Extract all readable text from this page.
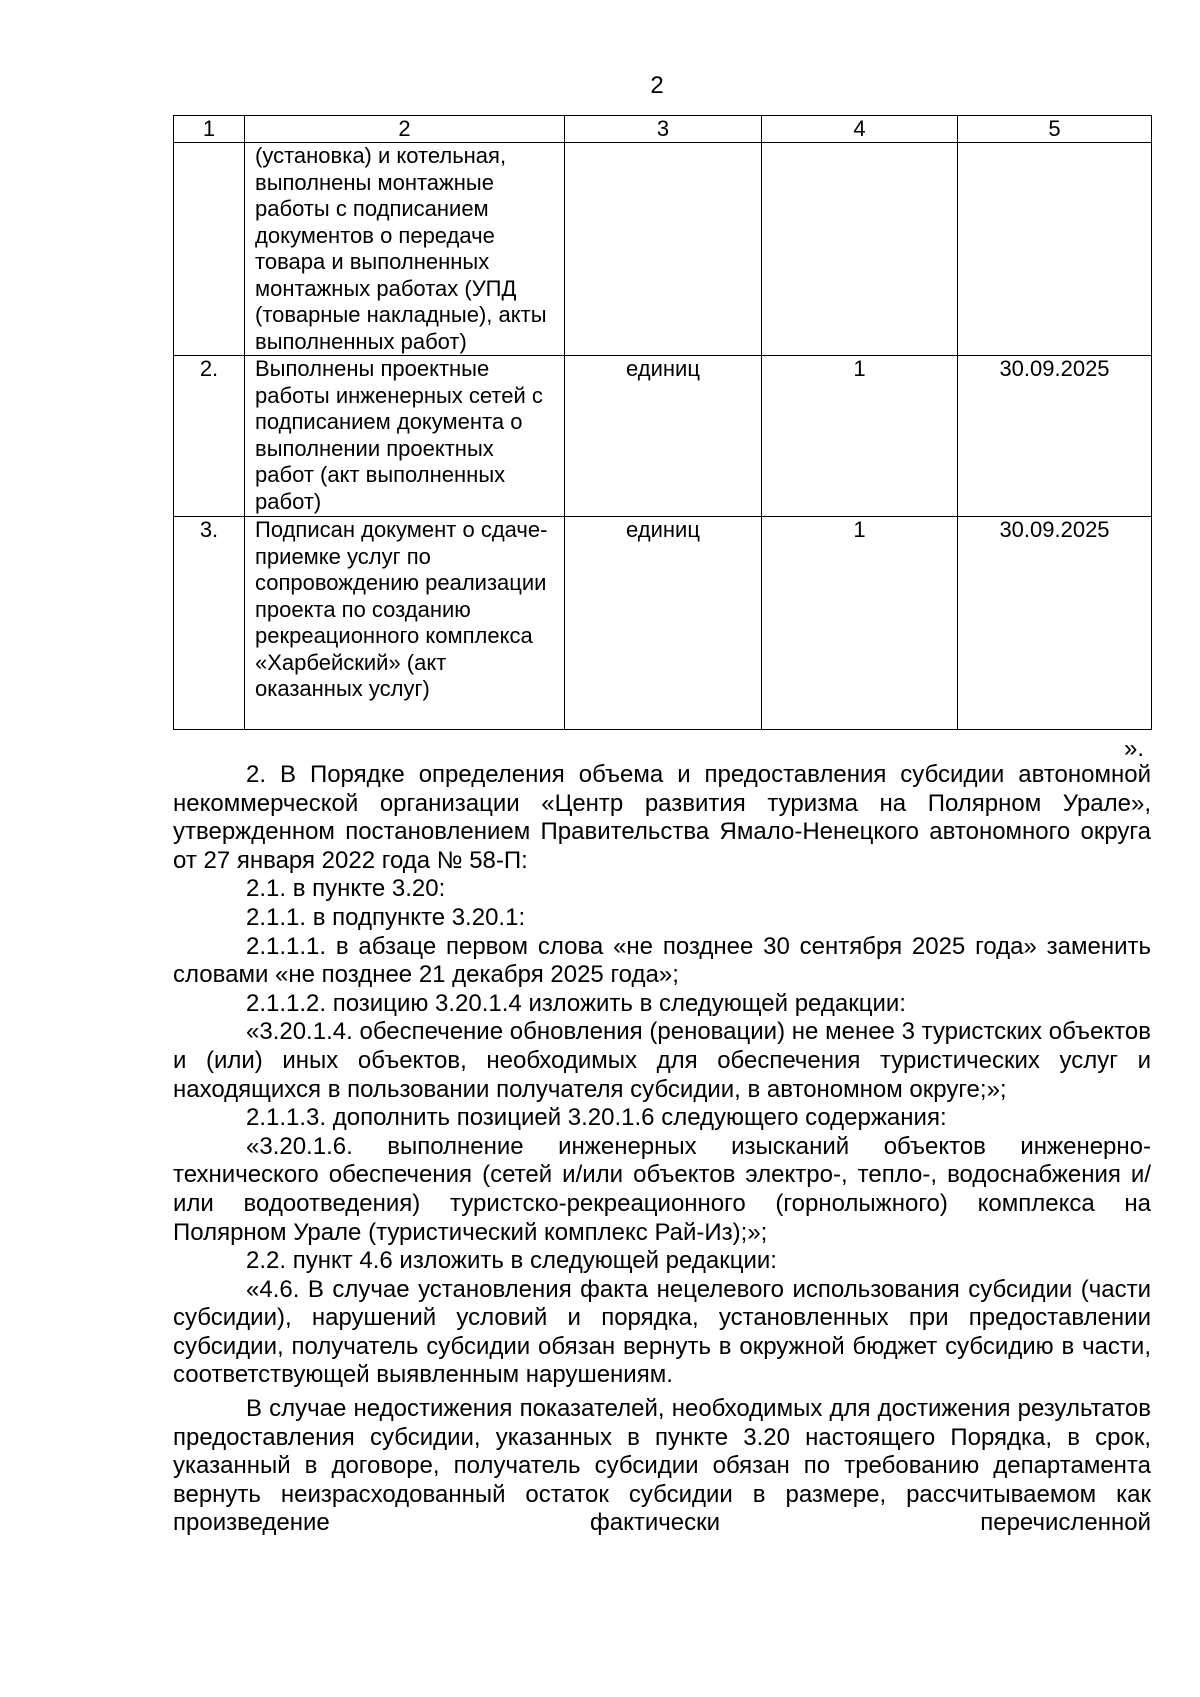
2
1	2	3	4	5
	(установка) и котельная, выполнены монтажные работы с подписанием документов о передаче товара и выполненных монтажных работах (УПД (товарные накладные), акты выполненных работ)			
2.	Выполнены проектные работы инженерных сетей с подписанием документа о выполнении проектных работ (акт выполненных работ)	единиц	1	30.09.2025
3.	Подписан документ о сдаче-приемке услуг по сопровождению реализации проекта по созданию рекреационного комплекса «Харбейский» (акт оказанных услуг)	единиц	1	30.09.2025
».

2. В Порядке определения объема и предоставления субсидии автономной некоммерческой организации «Центр развития туризма на Полярном Урале», утвержденном постановлением Правительства Ямало-Ненецкого автономного округа от 27 января 2022 года № 58-П:

2.1. в пункте 3.20:

2.1.1. в подпункте 3.20.1:

2.1.1.1. в абзаце первом слова «не позднее 30 сентября 2025 года» заменить словами «не позднее 21 декабря 2025 года»;

2.1.1.2. позицию 3.20.1.4 изложить в следующей редакции:

«3.20.1.4. обеспечение обновления (реновации) не менее 3 туристских объектов и (или) иных объектов, необходимых для обеспечения туристических услуг и находящихся в пользовании получателя субсидии, в автономном округе;»;

2.1.1.3. дополнить позицией 3.20.1.6 следующего содержания:

«3.20.1.6. выполнение инженерных изысканий объектов инженерно-технического обеспечения (сетей и/или объектов электро-, тепло-, водоснабжения и/или водоотведения) туристско-рекреационного (горнолыжного) комплекса на Полярном Урале (туристический комплекс Рай-Из);»;

2.2. пункт 4.6 изложить в следующей редакции:

«4.6. В случае установления факта нецелевого использования субсидии (части субсидии), нарушений условий и порядка, установленных при предоставлении субсидии, получатель субсидии обязан вернуть в окружной бюджет субсидию в части, соответствующей выявленным нарушениям.

В случае недостижения показателей, необходимых для достижения результатов предоставления субсидии, указанных в пункте 3.20 настоящего Порядка, в срок, указанный в договоре, получатель субсидии обязан по требованию департамента вернуть неизрасходованный остаток субсидии в размере, рассчитываемом как произведение фактически перечисленной
